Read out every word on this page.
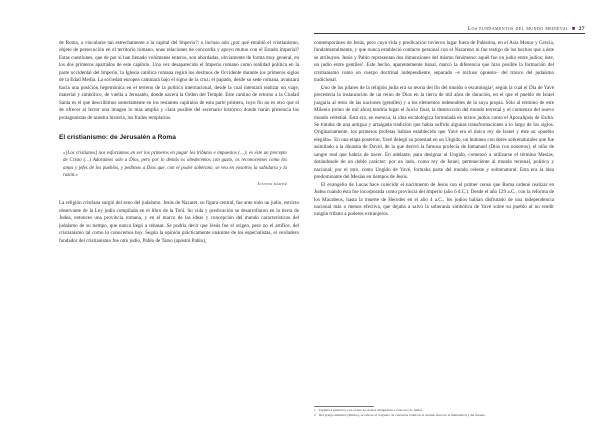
Los fundamentos del mundo medieval ■ 27

de Roma, a vincularse tan estrechamente a la capital del Imperio?; o incluso aún ¿por qué entabló el cristianismo, objeto de persecución en el territorio romano, unas relaciones de concordia y apoyo mutuo con el Estado imperial? Estas cuestiones, que de por sí han llenado volúmenes enteros, son abordadas, obviamente de forma muy general, en los dos primeros apartados de este capítulo. Una vez desaparecido el Imperio romano como realidad política en la parte occidental del Imperio, la Iglesia católica romana regirá los destinos de Occidente durante los primeros siglos de la Edad Media. La sociedad europea caminará bajo el signo de la cruz; el papado, desde su sede romana, avanzará hacia una posición hegemónica en el terreno de la política internacional, desde la cual intentará realizar un viaje, material y simbólico, de vuelta a Jerusalén, donde nacerá la Orden del Temple. Este camino de retorno a la Ciudad Santa es el que describimos someramente en los restantes capítulos de esta parte primera, cuyo fin no es otro que el de ofrecer al lector una imagen lo más amplia y clara posible del escenario histórico donde harán presencia los protagonistas de nuestra historia, los frailes templarios.

El cristianismo: de Jerusalén a Roma
«[Los cristianos] nos esforzamos en ser los primeros en pagar los tributos e impuestos (…); es éste un precepto de Cristo (…) Adoramos sólo a Dios, pero por lo demás os obedecemos con gusto, os reconocemos como los amos y jefes de los pueblos, y pedimos a Dios que, con el poder soberano, se vea en vosotros la sabiduría y la razón.»
Justino mártir

La religión cristiana surgió del seno del judaísmo. Jesús de Nazaret, su figura central, fue ante todo un judío, estricto observante de la Ley judía compilada en el libro de la Torá. Su vida y predicación se desarrollaron en la tierra de Judea, entonces una provincia romana, y en el marco de las ideas y concepción del mundo característicos del judaísmo de su tiempo, que nunca llegó a rebasar. Se podría decir que Jesús fue el origen, pero no el artífice, del cristianismo tal como lo conocemos hoy. Según la opinión prácticamente unánime de los especialistas, el verdadero fundador del cristianismo fue otro judío, Pablo de Tarso (apóstol Pablo),

contemporáneo de Jesús, pero cuya vida y predicación tuvieron lugar fuera de Palestina, en el Asia Menor y Grecia, fundamentalmente, y que nunca estableció contacto personal con el Nazareno ni fue testigo de los hechos que a éste se atribuyen. Jesús y Pablo representan dos dimensiones del mismo fenómeno: aquél fue un judío entre judíos; éste, un judío entre gentiles¹. Este hecho, aparentemente banal, marcó la diferencia que hizo posible la formación del cristianismo como un cuerpo doctrinal independiente, separado –e incluso opuesto– del tronco del judaísmo tradicional.

Uno de los pilares de la religión judía era su teoría del fin del mundo o escatología², según la cual el Día de Yavé precedería la instauración de un reino de Dios en la tierra de mil años de duración, en el que el pueblo de Israel juzgaría al resto de las naciones (gentiles) y a los elementos indeseables de la suya propia. Sólo al término de este Milenio (reino de mil años) tendría lugar el Juicio final, la destrucción del mundo terrenal y el comienzo del nuevo mundo celestial. Esta era, en esencia, la idea escatológica formulada en textos judíos como el Apocalipsis de Esdra. Se trataba de una antigua y arraigada tradición que había sufrido algunas transformaciones a lo largo de los siglos. Originariamente, los primeros profetas habían establecido que Yavé era el único rey de Israel y éste su «pueblo elegido». En una etapa posterior, Yavé delegó su potestad en un Ungido, un humano con dotes sobrenaturales que fue asimilado a la dinastía de David, de la que derivó la famosa profecía de Inmanuel (Dios con nosotros), el niño de sangre real que habría de nacer. En adelante, para designar al Ungido, comenzó a utilizarse el término Mesías, dotándosele de un doble carácter: por un lado, como rey de Israel, perteneciente al mundo terrenal, político y nacional; por el otro, como Ungido de Yavé, formaba parte del mundo celeste y sobrenatural. Esta era la idea predominante del Mesías en tiempos de Jesús.

El evangelio de Lucas hace coincidir el nacimiento de Jesús con el primer censo que Roma ordenó realizar en Judea cuando ésta fue incorporada como provincia del Imperio (año 6 d.C.). Desde el año 129 a.C., con la reforma de los Macabeos, hasta la muerte de Herodes en el año 4 a.C., los judíos habían disfrutado de una independencia nacional más o menos efectiva, que dejaba a salvo la soberanía simbólica de Yavé sobre su pueblo al no rendir ningún tributo a poderes extranjeros.

1 Términos genéricos con el que los judíos designaban a todos los no judíos.
2 Del griego éskhatos (último), se refiere al conjunto de creencias relativas al destino final de la humanidad y del mundo.
